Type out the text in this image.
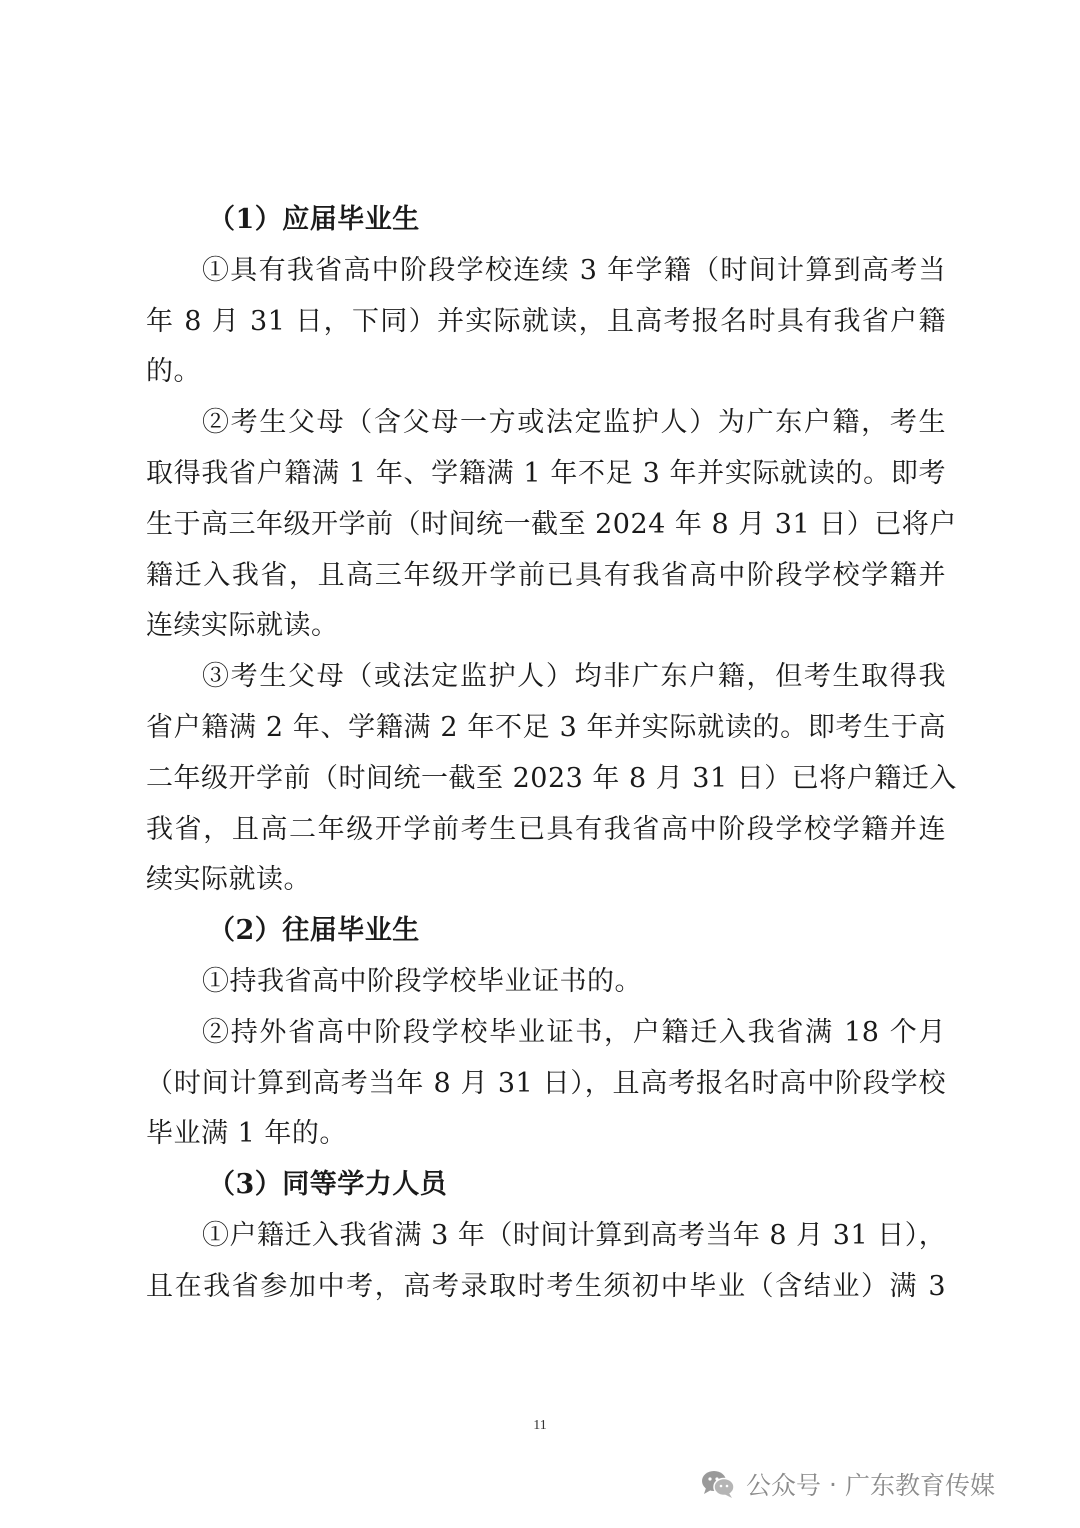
（1）应届毕业生
①具有我省高中阶段学校连续 3 年学籍（时间计算到高考当
年 8 月 31 日，下同）并实际就读，且高考报名时具有我省户籍
的。
②考生父母（含父母一方或法定监护人）为广东户籍，考生
取得我省户籍满 1 年、学籍满 1 年不足 3 年并实际就读的。即考
生于高三年级开学前（时间统一截至 2024 年 8 月 31 日）已将户
籍迁入我省，且高三年级开学前已具有我省高中阶段学校学籍并
连续实际就读。
③考生父母（或法定监护人）均非广东户籍，但考生取得我
省户籍满 2 年、学籍满 2 年不足 3 年并实际就读的。即考生于高
二年级开学前（时间统一截至 2023 年 8 月 31 日）已将户籍迁入
我省，且高二年级开学前考生已具有我省高中阶段学校学籍并连
续实际就读。
（2）往届毕业生
①持我省高中阶段学校毕业证书的。
②持外省高中阶段学校毕业证书，户籍迁入我省满 18 个月
（时间计算到高考当年 8 月 31 日），且高考报名时高中阶段学校
毕业满 1 年的。
（3）同等学力人员
①户籍迁入我省满 3 年（时间计算到高考当年 8 月 31 日），
且在我省参加中考，高考录取时考生须初中毕业（含结业）满 3
11
公众号 · 广东教育传媒
